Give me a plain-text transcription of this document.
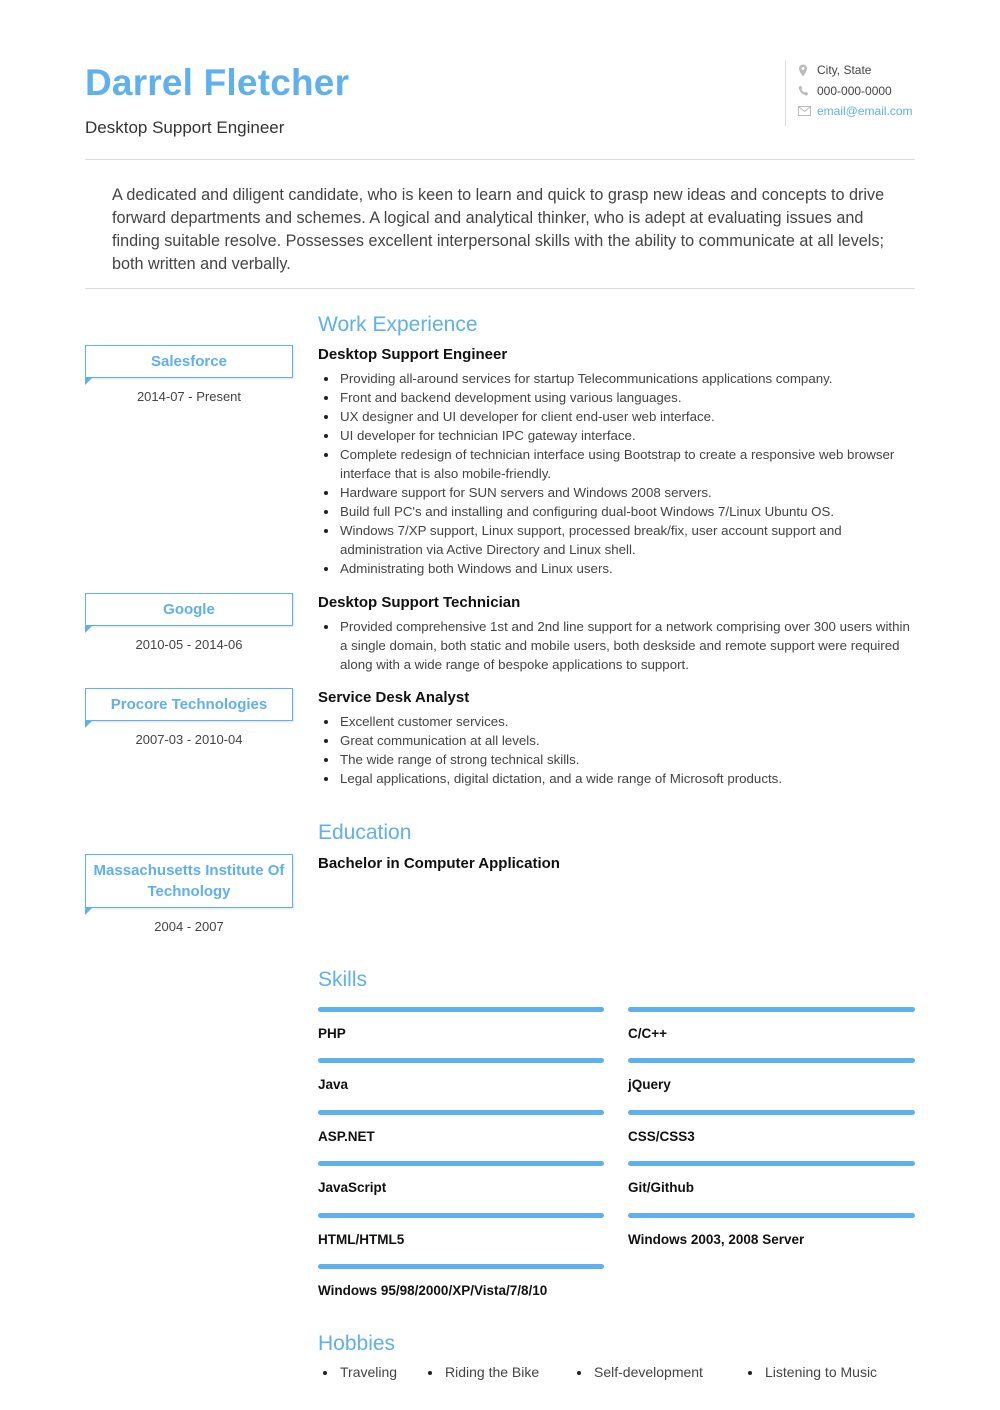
Darrel Fletcher
Desktop Support Engineer
City, State
000-000-0000
email@email.com
A dedicated and diligent candidate, who is keen to learn and quick to grasp new ideas and concepts to drive forward departments and schemes. A logical and analytical thinker, who is adept at evaluating issues and finding suitable resolve. Possesses excellent interpersonal skills with the ability to communicate at all levels; both written and verbally.
Work Experience
Salesforce
2014-07 - Present
Desktop Support Engineer
Providing all-around services for startup Telecommunications applications company.
Front and backend development using various languages.
UX designer and UI developer for client end-user web interface.
UI developer for technician IPC gateway interface.
Complete redesign of technician interface using Bootstrap to create a responsive web browser interface that is also mobile-friendly.
Hardware support for SUN servers and Windows 2008 servers.
Build full PC's and installing and configuring dual-boot Windows 7/Linux Ubuntu OS.
Windows 7/XP support, Linux support, processed break/fix, user account support and administration via Active Directory and Linux shell.
Administrating both Windows and Linux users.
Google
2010-05 - 2014-06
Desktop Support Technician
Provided comprehensive 1st and 2nd line support for a network comprising over 300 users within a single domain, both static and mobile users, both deskside and remote support were required along with a wide range of bespoke applications to support.
Procore Technologies
2007-03 - 2010-04
Service Desk Analyst
Excellent customer services.
Great communication at all levels.
The wide range of strong technical skills.
Legal applications, digital dictation, and a wide range of Microsoft products.
Education
Massachusetts Institute Of Technology
2004 - 2007
Bachelor in Computer Application
Skills
PHP	C/C++
Java	jQuery
ASP.NET	CSS/CSS3
JavaScript	Git/Github
HTML/HTML5	Windows 2003, 2008 Server
Windows 95/98/2000/XP/Vista/7/8/10
Hobbies
Traveling	Riding the Bike	Self-development	Listening to Music
